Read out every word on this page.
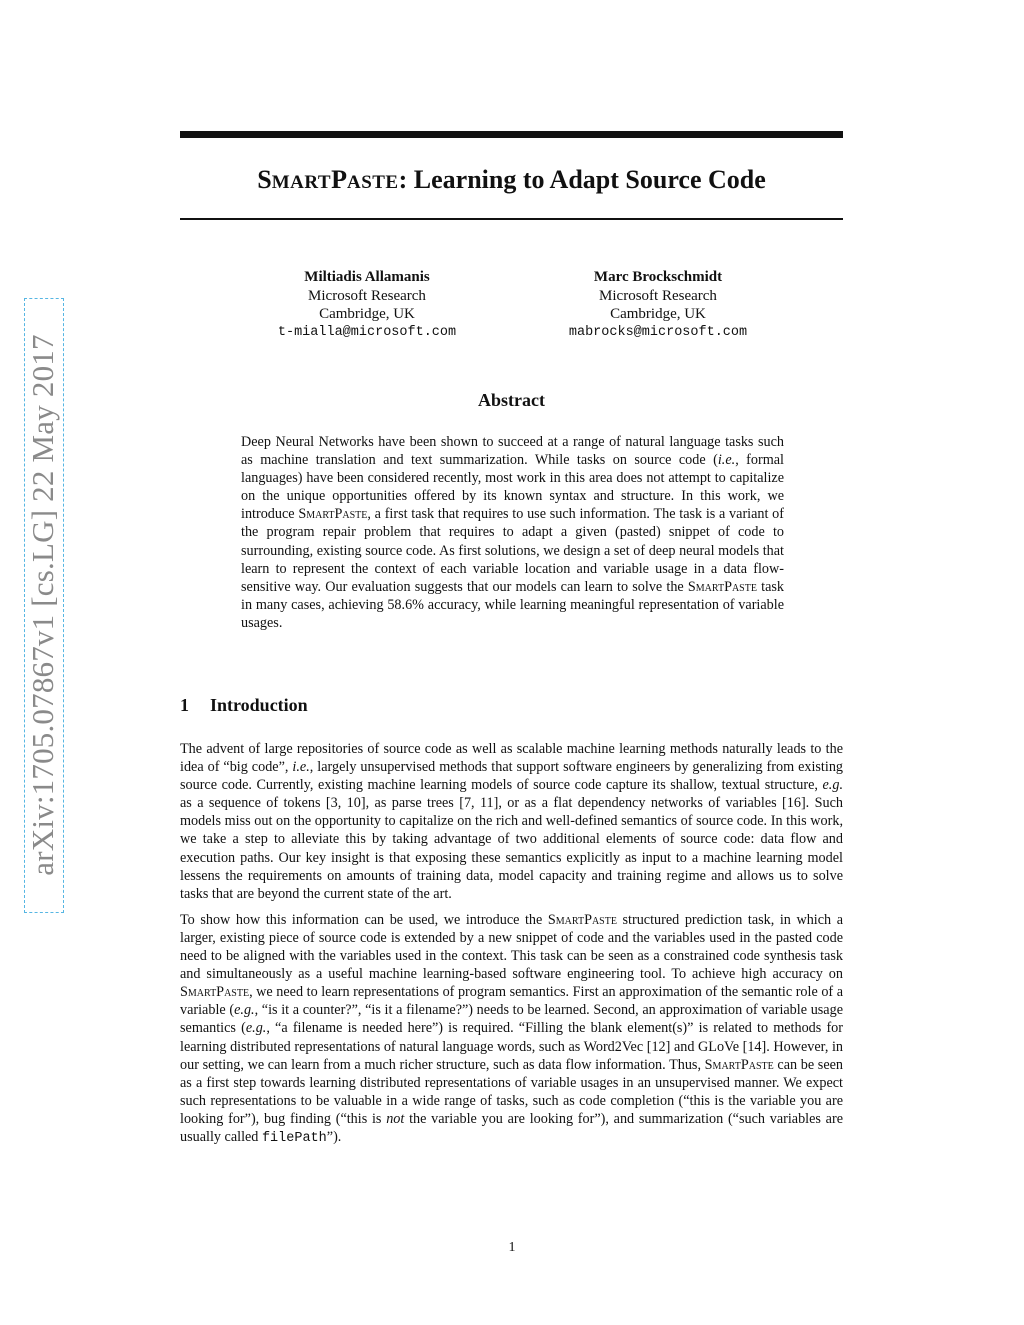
arXiv:1705.07867v1 [cs.LG] 22 May 2017
SMARTPASTE: Learning to Adapt Source Code
Miltiadis Allamanis
Microsoft Research
Cambridge, UK
t-mialla@microsoft.com
Marc Brockschmidt
Microsoft Research
Cambridge, UK
mabrocks@microsoft.com
Abstract
Deep Neural Networks have been shown to succeed at a range of natural language tasks such as machine translation and text summarization. While tasks on source code (i.e., formal languages) have been considered recently, most work in this area does not attempt to capitalize on the unique opportunities offered by its known syntax and structure. In this work, we introduce SmartPaste, a first task that requires to use such information. The task is a variant of the program repair problem that requires to adapt a given (pasted) snippet of code to surrounding, existing source code. As first solutions, we design a set of deep neural models that learn to represent the context of each variable location and variable usage in a data flow-sensitive way. Our evaluation suggests that our models can learn to solve the SmartPaste task in many cases, achieving 58.6% accuracy, while learning meaningful representation of variable usages.
1 Introduction

The advent of large repositories of source code as well as scalable machine learning methods naturally leads to the idea of “big code”, i.e., largely unsupervised methods that support software engineers by generalizing from existing source code. Currently, existing machine learning models of source code capture its shallow, textual structure, e.g. as a sequence of tokens [3, 10], as parse trees [7, 11], or as a flat dependency networks of variables [16]. Such models miss out on the opportunity to capitalize on the rich and well-defined semantics of source code. In this work, we take a step to alleviate this by taking advantage of two additional elements of source code: data flow and execution paths. Our key insight is that exposing these semantics explicitly as input to a machine learning model lessens the requirements on amounts of training data, model capacity and training regime and allows us to solve tasks that are beyond the current state of the art.

To show how this information can be used, we introduce the SmartPaste structured prediction task, in which a larger, existing piece of source code is extended by a new snippet of code and the variables used in the pasted code need to be aligned with the variables used in the context. This task can be seen as a constrained code synthesis task and simultaneously as a useful machine learning-based software engineering tool. To achieve high accuracy on SmartPaste, we need to learn representations of program semantics. First an approximation of the semantic role of a variable (e.g., “is it a counter?”, “is it a filename?”) needs to be learned. Second, an approximation of variable usage semantics (e.g., “a filename is needed here”) is required. “Filling the blank element(s)” is related to methods for learning distributed representations of natural language words, such as Word2Vec [12] and GLoVe [14]. However, in our setting, we can learn from a much richer structure, such as data flow information. Thus, SmartPaste can be seen as a first step towards learning distributed representations of variable usages in an unsupervised manner. We expect such representations to be valuable in a wide range of tasks, such as code completion (“this is the variable you are looking for”), bug finding (“this is not the variable you are looking for”), and summarization (“such variables are usually called filePath”).

1
